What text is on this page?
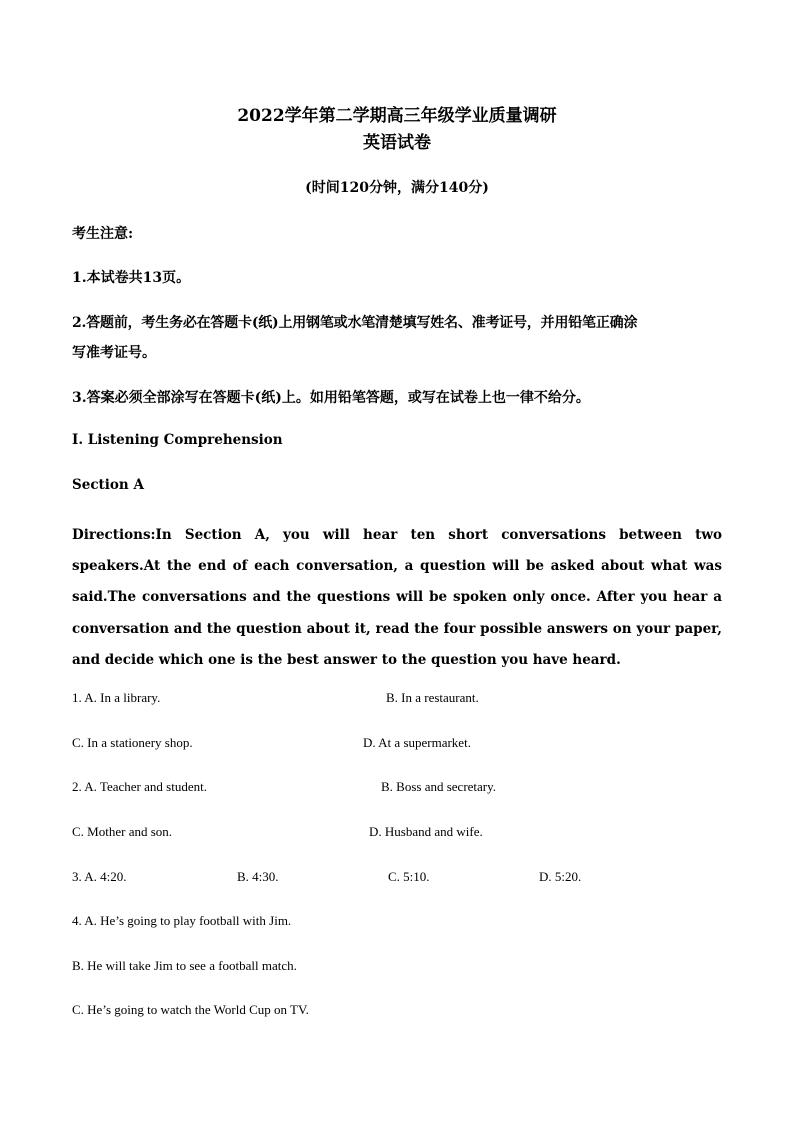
2022学年第二学期高三年级学业质量调研
英语试卷
(时间120分钟，满分140分)
考生注意:
1.本试卷共13页。
2.答题前，考生务必在答题卡(纸)上用钢笔或水笔清楚填写姓名、准考证号，并用铅笔正确涂
写准考证号。
3.答案必须全部涂写在答题卡(纸)上。如用铅笔答题，或写在试卷上也一律不给分。
I. Listening Comprehension
Section A
Directions:In Section A, you will hear ten short conversations between two speakers.At the end of each conversation, a question will be asked about what was said.The conversations and the questions will be spoken only once. After you hear a conversation and the question about it, read the four possible answers on your paper, and decide which one is the best answer to the question you have heard.
1. A. In a library.	B. In a restaurant.
C. In a stationery shop.	D. At a supermarket.
2. A. Teacher and student.	B. Boss and secretary.
C. Mother and son.	D. Husband and wife.
3. A. 4:20.	B. 4:30.	C. 5:10.	D. 5:20.
4. A. He’s going to play football with Jim.
B. He will take Jim to see a football match.
C. He’s going to watch the World Cup on TV.
